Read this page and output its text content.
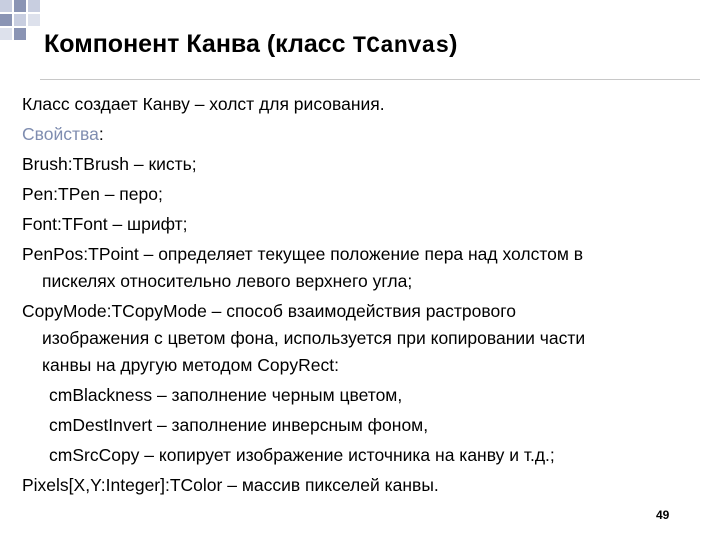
Компонент Канва (класс TCanvas)

Класс создает Канву – холст для рисования.

Свойства:

Brush:TBrush – кисть;

Pen:TPen – перо;

Font:TFont – шрифт;

PenPos:TPoint – определяет текущее положение пера над холстом в

пискелях относительно левого верхнего угла;

CopyMode:TCopyMode – способ взаимодействия растрового

изображения с цветом фона, используется при копировании части

канвы на другую методом CopyRect:

cmBlackness – заполнение черным цветом,

cmDestInvert – заполнение инверсным фоном,

cmSrcCopy – копирует изображение источника на канву и т.д.;

Pixels[X,Y:Integer]:TColor – массив пикселей канвы.

49
